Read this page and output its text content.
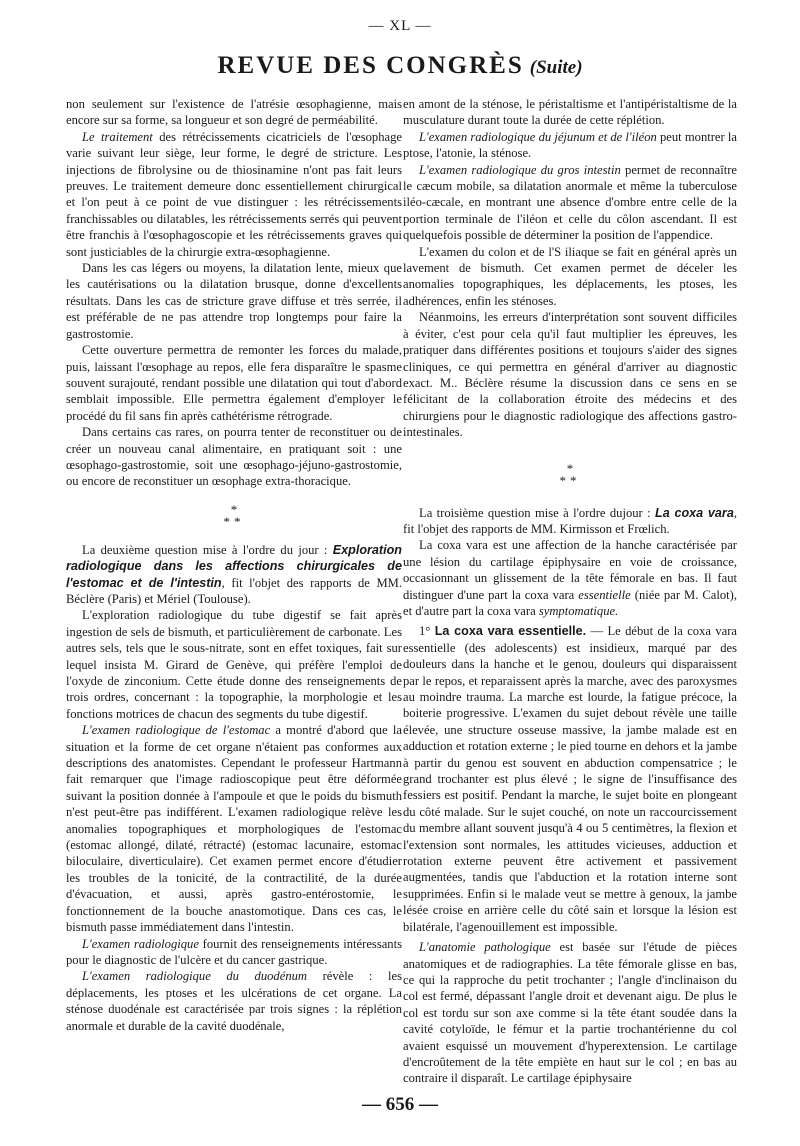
— XL —
REVUE DES CONGRÈS (Suite)

non seulement sur l'existence de l'atrésie œsophagienne, mais encore sur sa forme, sa longueur et son degré de perméabilité.

Le traitement des rétrécissements cicatriciels de l'œsophage varie suivant leur siège, leur forme, le degré de stricture. Les injections de fibrolysine ou de thiosinamine n'ont pas fait leurs preuves. Le traitement demeure donc essentiellement chirurgical et l'on peut à ce point de vue distinguer : les rétrécissements franchissables ou dilatables, les rétrécissements serrés qui peuvent être franchis à l'œsophagoscopie et les rétrécissements graves qui sont justiciables de la chirurgie extra-œsophagienne.

Dans les cas légers ou moyens, la dilatation lente, mieux que les cautérisations ou la dilatation brusque, donne d'excellents résultats. Dans les cas de stricture grave diffuse et très serrée, il est préférable de ne pas attendre trop longtemps pour faire la gastrostomie.

Cette ouverture permettra de remonter les forces du malade, puis, laissant l'œsophage au repos, elle fera disparaître le spasme souvent surajouté, rendant possible une dilatation qui tout d'abord semblait impossible. Elle permettra également d'employer le procédé du fil sans fin après cathétérisme rétrograde.

Dans certains cas rares, on pourra tenter de reconstituer ou de créer un nouveau canal alimentaire, en pratiquant soit : une œsophago-gastrostomie, soit une œsophago-jéjuno-gastrostomie, ou encore de reconstituer un œsophage extra-thoracique.

*
**

La deuxième question mise à l'ordre du jour : Exploration radiologique dans les affections chirurgicales de l'estomac et de l'intestin, fit l'objet des rapports de MM. Béclère (Paris) et Mériel (Toulouse).

L'exploration radiologique du tube digestif se fait après ingestion de sels de bismuth, et particulièrement de carbonate. Les autres sels, tels que le sous-nitrate, sont en effet toxiques, fait sur lequel insista M. Girard de Genève, qui préfère l'emploi de l'oxyde de zinconium. Cette étude donne des renseignements de trois ordres, concernant : la topographie, la morphologie et les fonctions motrices de chacun des segments du tube digestif.

L'examen radiologique de l'estomac a montré d'abord que la situation et la forme de cet organe n'étaient pas conformes aux descriptions des anatomistes. Cependant le professeur Hartmann fait remarquer que l'image radioscopique peut être déformée suivant la position donnée à l'ampoule et que le poids du bismuth n'est peut-être pas indifférent. L'examen radiologique relève les anomalies topographiques et morphologiques de l'estomac (estomac allongé, dilaté, rétracté) (estomac lacunaire, estomac biloculaire, diverticulaire). Cet examen permet encore d'étudier les troubles de la tonicité, de la contractilité, de la durée d'évacuation, et aussi, après gastro-entérostomie, le fonctionnement de la bouche anastomotique. Dans ces cas, le bismuth passe immédiatement dans l'intestin.

L'examen radiologique fournit des renseignements intéressants pour le diagnostic de l'ulcère et du cancer gastrique.

L'examen radiologique du duodénum révèle : les déplacements, les ptoses et les ulcérations de cet organe. La sténose duodénale est caractérisée par trois signes : la réplétion anormale et durable de la cavité duodénale,

en amont de la sténose, le péristaltisme et l'antipéristaltisme de la musculature durant toute la durée de cette réplétion.

L'examen radiologique du jéjunum et de l'iléon peut montrer la ptose, l'atonie, la sténose.

L'examen radiologique du gros intestin permet de reconnaître le cæcum mobile, sa dilatation anormale et même la tuberculose iléo-cæcale, en montrant une absence d'ombre entre celle de la portion terminale de l'iléon et celle du côlon ascendant. Il est quelquefois possible de déterminer la position de l'appendice.

L'examen du colon et de l'S iliaque se fait en général après un lavement de bismuth. Cet examen permet de déceler les anomalies topographiques, les déplacements, les ptoses, les adhérences, enfin les sténoses.

Néanmoins, les erreurs d'interprétation sont souvent difficiles à éviter, c'est pour cela qu'il faut multiplier les épreuves, les pratiquer dans différentes positions et toujours s'aider des signes cliniques, ce qui permettra en général d'arriver au diagnostic exact. M.. Béclère résume la discussion dans ce sens en se félicitant de la collaboration étroite des médecins et des chirurgiens pour le diagnostic radiologique des affections gastro-intestinales.

*
**

La troisième question mise à l'ordre dujour : La coxa vara, fit l'objet des rapports de MM. Kirmisson et Frœlich.

La coxa vara est une affection de la hanche caractérisée par une lésion du cartilage épiphysaire en voie de croissance, occasionnant un glissement de la tête fémorale en bas. Il faut distinguer d'une part la coxa vara essentielle (niée par M. Calot), et d'autre part la coxa vara symptomatique.

1° La coxa vara essentielle. — Le début de la coxa vara essentielle (des adolescents) est insidieux, marqué par des douleurs dans la hanche et le genou, douleurs qui disparaissent par le repos, et reparaissent après la marche, avec des paroxysmes au moindre trauma. La marche est lourde, la fatigue précoce, la boiterie progressive. L'examen du sujet debout révèle une taille élevée, une structure osseuse massive, la jambe malade est en adduction et rotation externe ; le pied tourne en dehors et la jambe à partir du genou est souvent en abduction compensatrice ; le grand trochanter est plus élevé ; le signe de l'insuffisance des fessiers est positif. Pendant la marche, le sujet boite en plongeant du côté malade. Sur le sujet couché, on note un raccourcissement du membre allant souvent jusqu'à 4 ou 5 centimètres, la flexion et l'extension sont normales, les attitudes vicieuses, adduction et rotation externe peuvent être activement et passivement augmentées, tandis que l'abduction et la rotation interne sont supprimées. Enfin si le malade veut se mettre à genoux, la jambe lésée croise en arrière celle du côté sain et lorsque la lésion est bilatérale, l'agenouillement est impossible.

L'anatomie pathologique est basée sur l'étude de pièces anatomiques et de radiographies. La tête fémorale glisse en bas, ce qui la rapproche du petit trochanter ; l'angle d'inclinaison du col est fermé, dépassant l'angle droit et devenant aigu. De plus le col est tordu sur son axe comme si la tête étant soudée dans la cavité cotyloïde, le fémur et la partie trochantérienne du col avaient esquissé un mouvement d'hyperextension. Le cartilage d'encroûtement de la tête empiète en haut sur le col ; en bas au contraire il disparaît. Le cartilage épiphysaire

— 656 —
